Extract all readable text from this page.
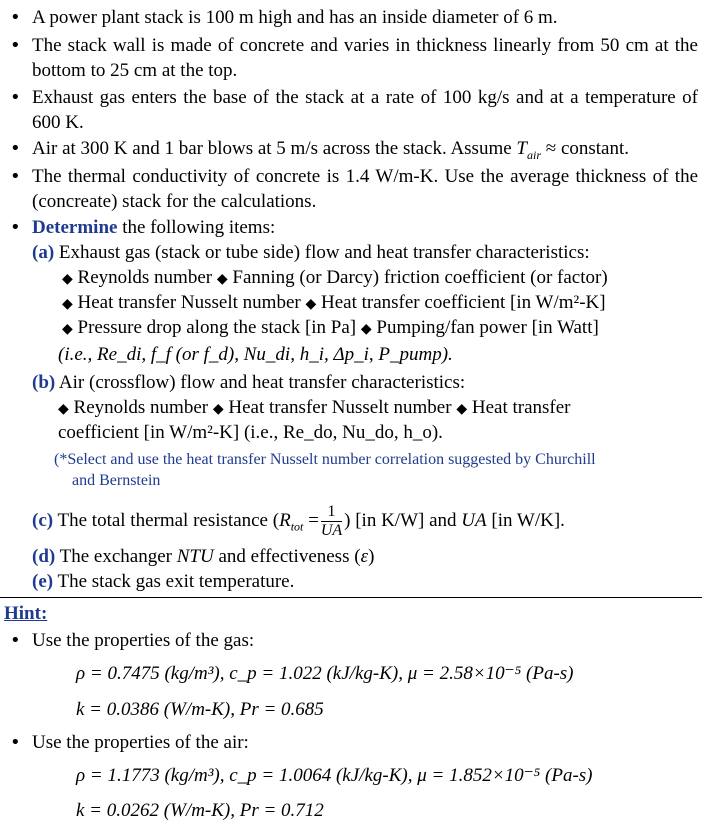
• A power plant stack is 100 m high and has an inside diameter of 6 m.
• The stack wall is made of concrete and varies in thickness linearly from 50 cm at the bottom to 25 cm at the top.
• Exhaust gas enters the base of the stack at a rate of 100 kg/s and at a temperature of 600 K.
• Air at 300 K and 1 bar blows at 5 m/s across the stack. Assume $T_{air}$ ≈ constant.
• The thermal conductivity of concrete is 1.4 W/m-K. Use the average thickness of the (concreate) stack for the calculations.
• Determine the following items:
(a) Exhaust gas (stack or tube side) flow and heat transfer characteristics:
◆ Reynolds number ◆ Fanning (or Darcy) friction coefficient (or factor)
◆ Heat transfer Nusselt number ◆ Heat transfer coefficient [in W/m²-K]
◆ Pressure drop along the stack [in Pa] ◆ Pumping/fan power [in Watt]
(i.e., Re_di, f_f (or f_d), Nu_di, h_i, Δp_i, P_pump).
(b) Air (crossflow) flow and heat transfer characteristics:
◆ Reynolds number ◆ Heat transfer Nusselt number ◆ Heat transfer
coefficient [in W/m²-K] (i.e., Re_do, Nu_do, h_o).
(*Select and use the heat transfer Nusselt number correlation suggested by Churchill
and Bernstein
(c) The total thermal resistance ($R_{tot} = \frac{1}{UA}$ ) [in K/W] and UA [in W/K].
(d) The exchanger NTU and effectiveness (ε)
(e) The stack gas exit temperature.
Hint:
• Use the properties of the gas:
ρ = 0.7475 (kg/m³), c_p = 1.022 (kJ/kg-K), μ = 2.58×10⁻⁵ (Pa-s)
k = 0.0386 (W/m-K), Pr = 0.685
• Use the properties of the air:
ρ = 1.1773 (kg/m³), c_p = 1.0064 (kJ/kg-K), μ = 1.852×10⁻⁵ (Pa-s)
k = 0.0262 (W/m-K), Pr = 0.712
